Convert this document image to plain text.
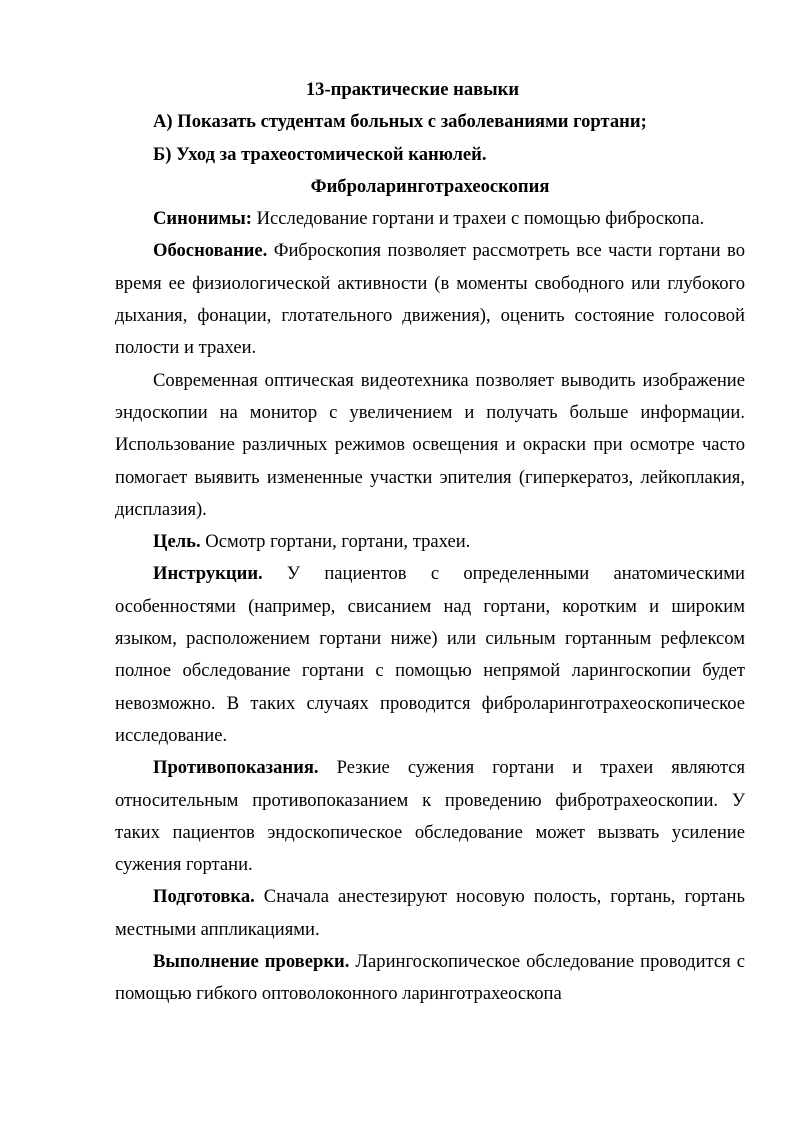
13-практические навыки

А) Показать студентам больных с заболеваниями гортани;

Б) Уход за трахеостомической канюлей.

Фиброларинготрахеоскопия

Синонимы: Исследование гортани и трахеи с помощью фиброскопа.

Обоснование. Фиброскопия позволяет рассмотреть все части гортани во время ее физиологической активности (в моменты свободного или глубокого дыхания, фонации, глотательного движения), оценить состояние голосовой полости и трахеи.

Современная оптическая видеотехника позволяет выводить изображение эндоскопии на монитор с увеличением и получать больше информации. Использование различных режимов освещения и окраски при осмотре часто помогает выявить измененные участки эпителия (гиперкератоз, лейкоплакия, дисплазия).

Цель. Осмотр гортани, гортани, трахеи.

Инструкции. У пациентов с определенными анатомическими особенностями (например, свисанием над гортани, коротким и широким языком, расположением гортани ниже) или сильным гортанным рефлексом полное обследование гортани с помощью непрямой ларингоскопии будет невозможно. В таких случаях проводится фиброларинготрахеоскопическое исследование.

Противопоказания. Резкие сужения гортани и трахеи являются относительным противопоказанием к проведению фибротрахеоскопии. У таких пациентов эндоскопическое обследование может вызвать усиление сужения гортани.

Подготовка. Сначала анестезируют носовую полость, гортань, гортань местными аппликациями.

Выполнение проверки. Ларингоскопическое обследование проводится с помощью гибкого оптоволоконного ларинготрахеоскопа
